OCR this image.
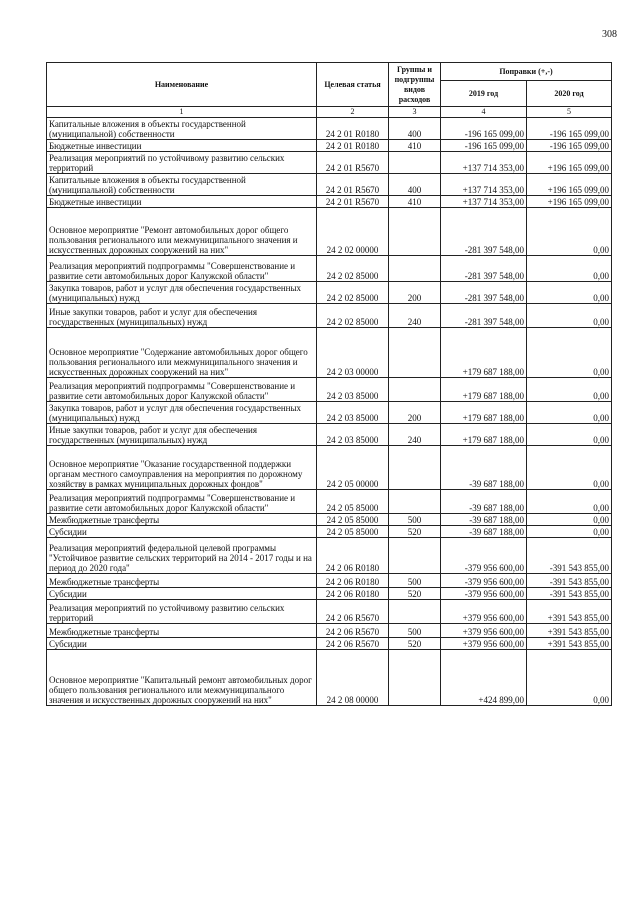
308
Наименование	Целевая статья	Группы и подгруппы видов расходов	Поправки (+,-)	
			2019 год	2020 год
1	2	3	4	5
Капитальные вложения в объекты государственной (муниципальной) собственности	24 2 01 R0180	400	-196 165 099,00	-196 165 099,00
Бюджетные инвестиции	24 2 01 R0180	410	-196 165 099,00	-196 165 099,00
Реализация мероприятий по устойчивому развитию сельских территорий	24 2 01 R5670		+137 714 353,00	+196 165 099,00
Капитальные вложения в объекты государственной (муниципальной) собственности	24 2 01 R5670	400	+137 714 353,00	+196 165 099,00
Бюджетные инвестиции	24 2 01 R5670	410	+137 714 353,00	+196 165 099,00
Основное мероприятие "Ремонт автомобильных дорог общего пользования регионального или межмуниципального значения и искусственных дорожных сооружений на них"	24 2 02 00000		-281 397 548,00	0,00
Реализация мероприятий подпрограммы "Совершенствование и развитие сети автомобильных дорог Калужской области"	24 2 02 85000		-281 397 548,00	0,00
Закупка товаров, работ и услуг для обеспечения государственных (муниципальных) нужд	24 2 02 85000	200	-281 397 548,00	0,00
Иные закупки товаров, работ и услуг для обеспечения государственных (муниципальных) нужд	24 2 02 85000	240	-281 397 548,00	0,00
Основное мероприятие "Содержание автомобильных дорог общего пользования регионального или межмуниципального значения и искусственных дорожных сооружений на них"	24 2 03 00000		+179 687 188,00	0,00
Реализация мероприятий подпрограммы "Совершенствование и развитие сети автомобильных дорог Калужской области"	24 2 03 85000		+179 687 188,00	0,00
Закупка товаров, работ и услуг для обеспечения государственных (муниципальных) нужд	24 2 03 85000	200	+179 687 188,00	0,00
Иные закупки товаров, работ и услуг для обеспечения государственных (муниципальных) нужд	24 2 03 85000	240	+179 687 188,00	0,00
Основное мероприятие "Оказание государственной поддержки органам местного самоуправления на мероприятия по дорожному хозяйству в рамках муниципальных дорожных фондов"	24 2 05 00000		-39 687 188,00	0,00
Реализация мероприятий подпрограммы "Совершенствование и развитие сети автомобильных дорог Калужской области"	24 2 05 85000		-39 687 188,00	0,00
Межбюджетные трансферты	24 2 05 85000	500	-39 687 188,00	0,00
Субсидии	24 2 05 85000	520	-39 687 188,00	0,00
Реализация мероприятий федеральной целевой программы "Устойчивое развитие сельских территорий на 2014 - 2017 годы и на период до 2020 года"	24 2 06 R0180		-379 956 600,00	-391 543 855,00
Межбюджетные трансферты	24 2 06 R0180	500	-379 956 600,00	-391 543 855,00
Субсидии	24 2 06 R0180	520	-379 956 600,00	-391 543 855,00
Реализация мероприятий по устойчивому развитию сельских территорий	24 2 06 R5670		+379 956 600,00	+391 543 855,00
Межбюджетные трансферты	24 2 06 R5670	500	+379 956 600,00	+391 543 855,00
Субсидии	24 2 06 R5670	520	+379 956 600,00	+391 543 855,00
Основное мероприятие "Капитальный ремонт автомобильных дорог общего пользования регионального или межмуниципального значения и искусственных дорожных сооружений на них"	24 2 08 00000		+424 899,00	0,00
